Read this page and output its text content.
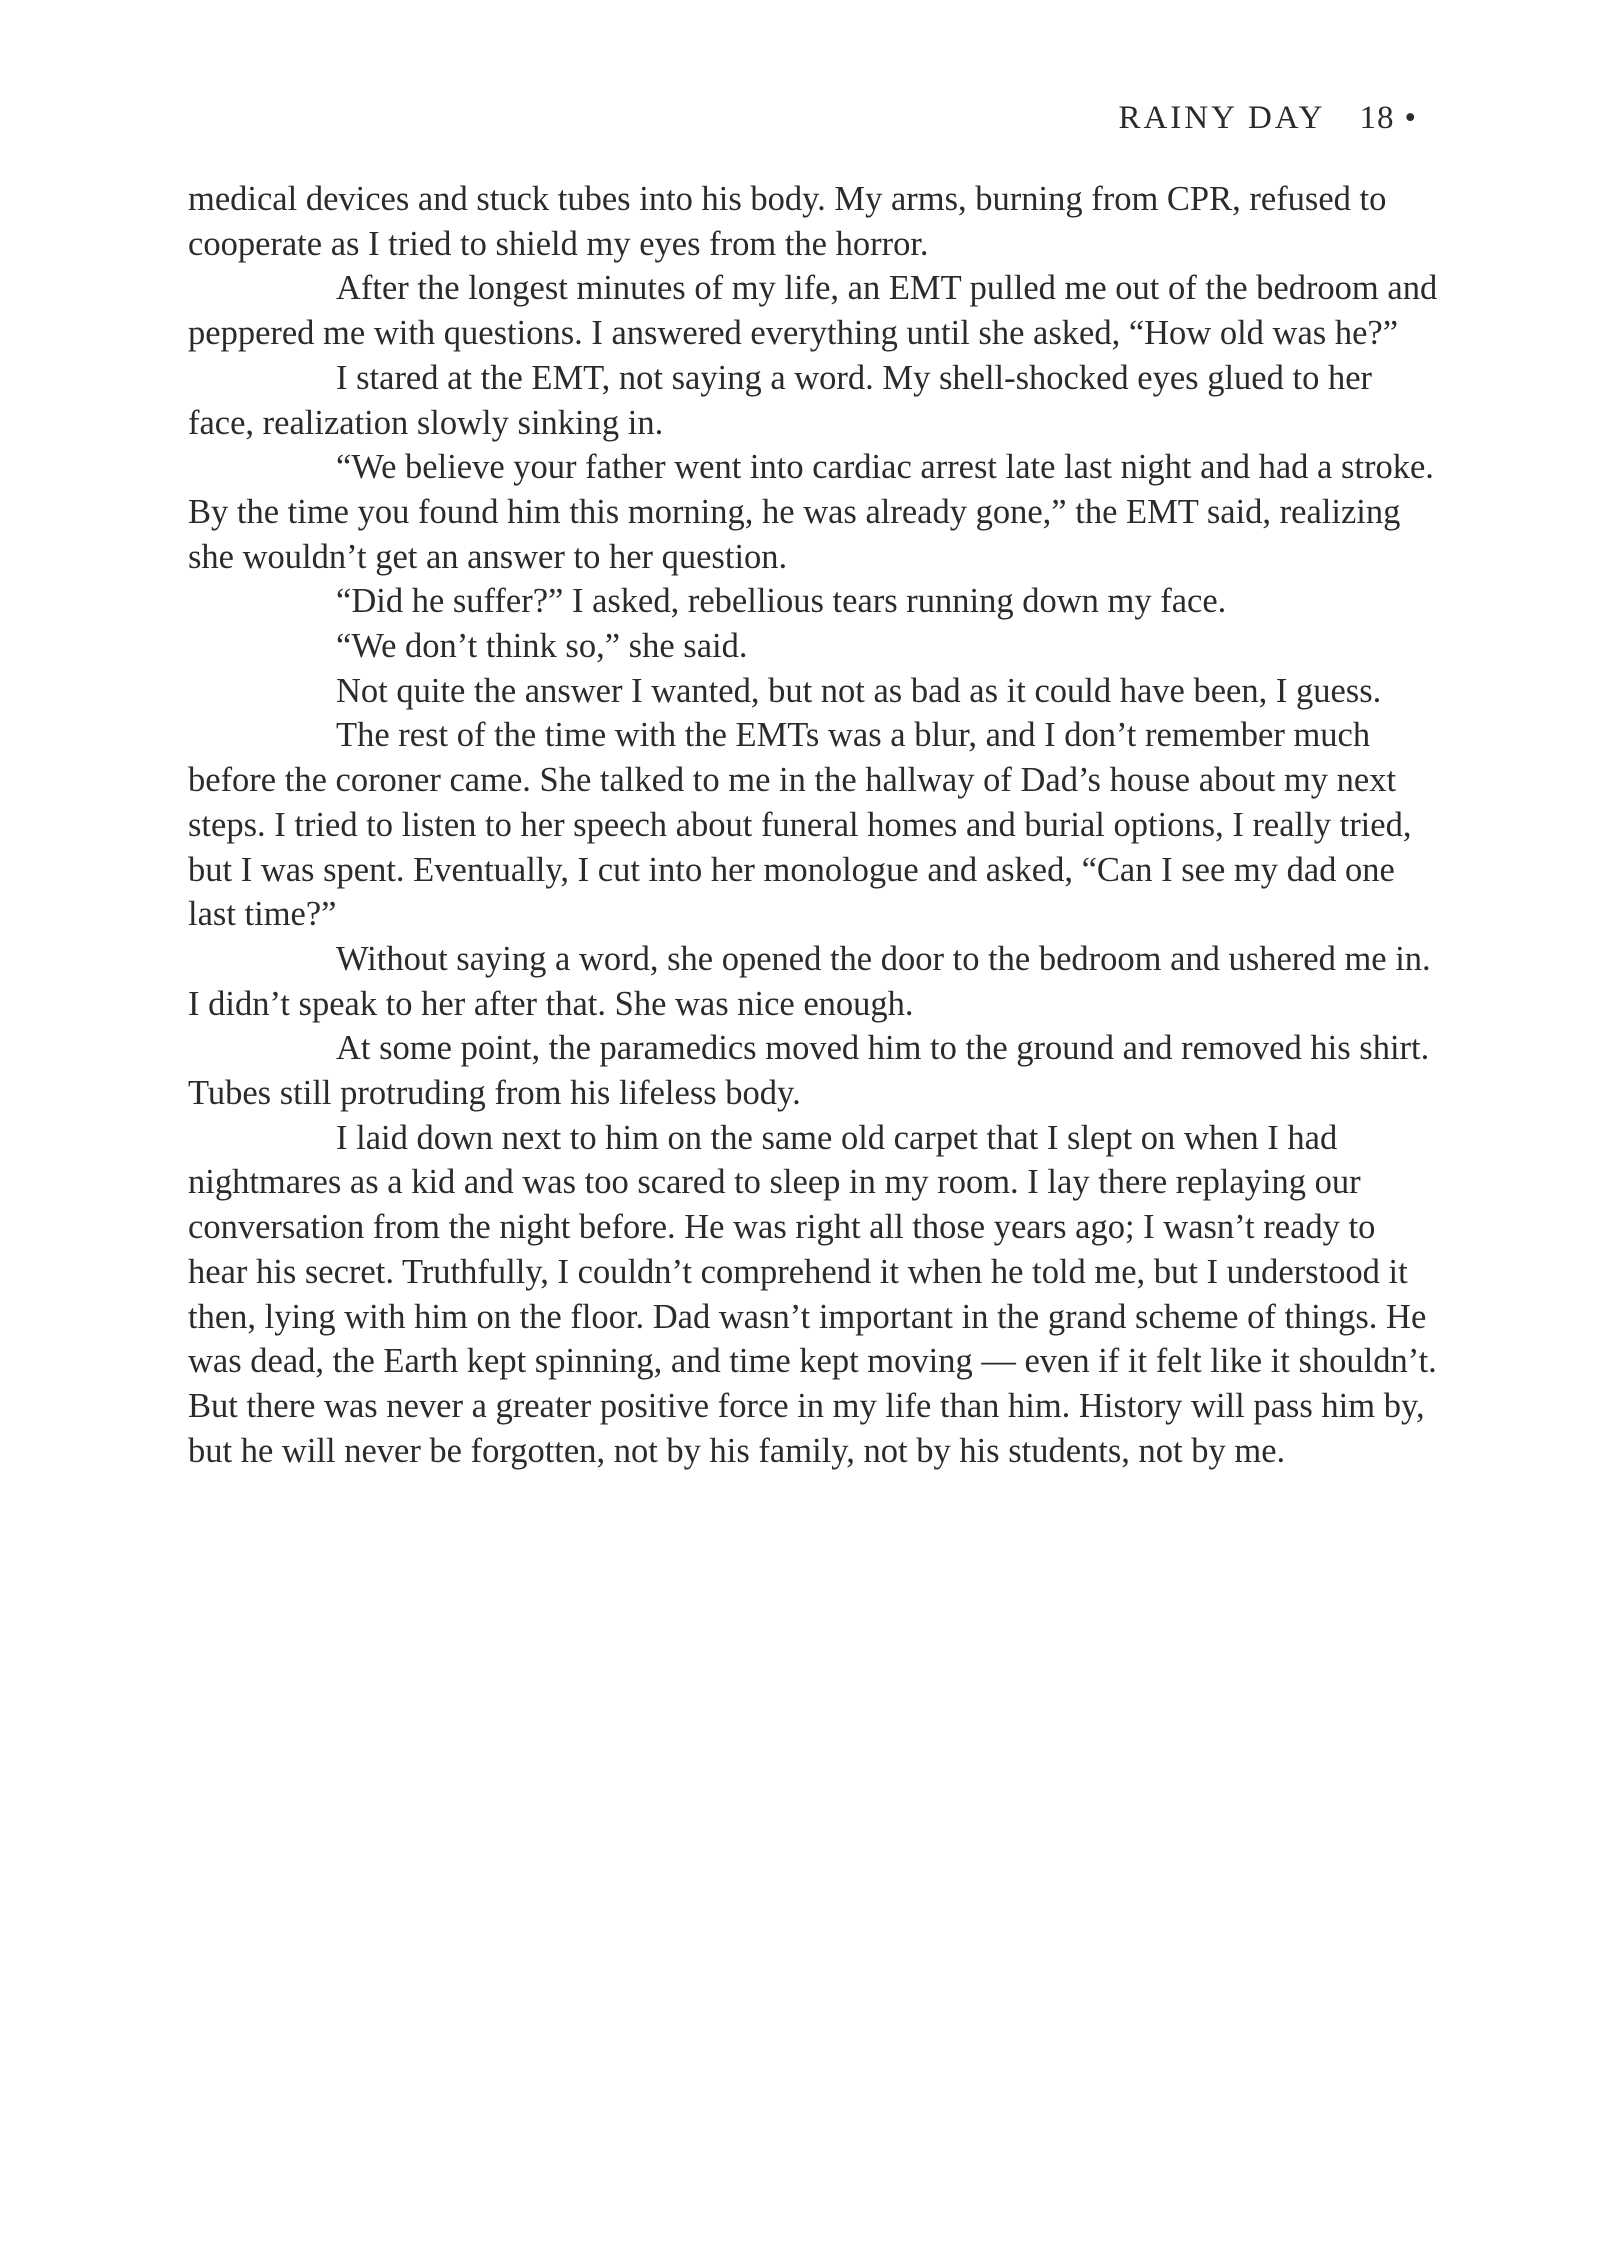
RAINY DAY 18 •

medical devices and stuck tubes into his body. My arms, burning from CPR, refused to cooperate as I tried to shield my eyes from the horror.

After the longest minutes of my life, an EMT pulled me out of the bedroom and peppered me with questions. I answered everything until she asked, “How old was he?”

I stared at the EMT, not saying a word. My shell-shocked eyes glued to her face, realization slowly sinking in.

“We believe your father went into cardiac arrest late last night and had a stroke. By the time you found him this morning, he was already gone,” the EMT said, realizing she wouldn’t get an answer to her question.

“Did he suffer?” I asked, rebellious tears running down my face.

“We don’t think so,” she said.

Not quite the answer I wanted, but not as bad as it could have been, I guess.

The rest of the time with the EMTs was a blur, and I don’t remember much before the coroner came. She talked to me in the hallway of Dad’s house about my next steps. I tried to listen to her speech about funeral homes and burial options, I really tried, but I was spent. Eventually, I cut into her monologue and asked, “Can I see my dad one last time?”

Without saying a word, she opened the door to the bedroom and ushered me in. I didn’t speak to her after that. She was nice enough.

At some point, the paramedics moved him to the ground and removed his shirt. Tubes still protruding from his lifeless body.

I laid down next to him on the same old carpet that I slept on when I had nightmares as a kid and was too scared to sleep in my room. I lay there replaying our conversation from the night before. He was right all those years ago; I wasn’t ready to hear his secret. Truthfully, I couldn’t comprehend it when he told me, but I understood it then, lying with him on the floor. Dad wasn’t important in the grand scheme of things. He was dead, the Earth kept spinning, and time kept moving — even if it felt like it shouldn’t. But there was never a greater positive force in my life than him. History will pass him by, but he will never be forgotten, not by his family, not by his students, not by me.
